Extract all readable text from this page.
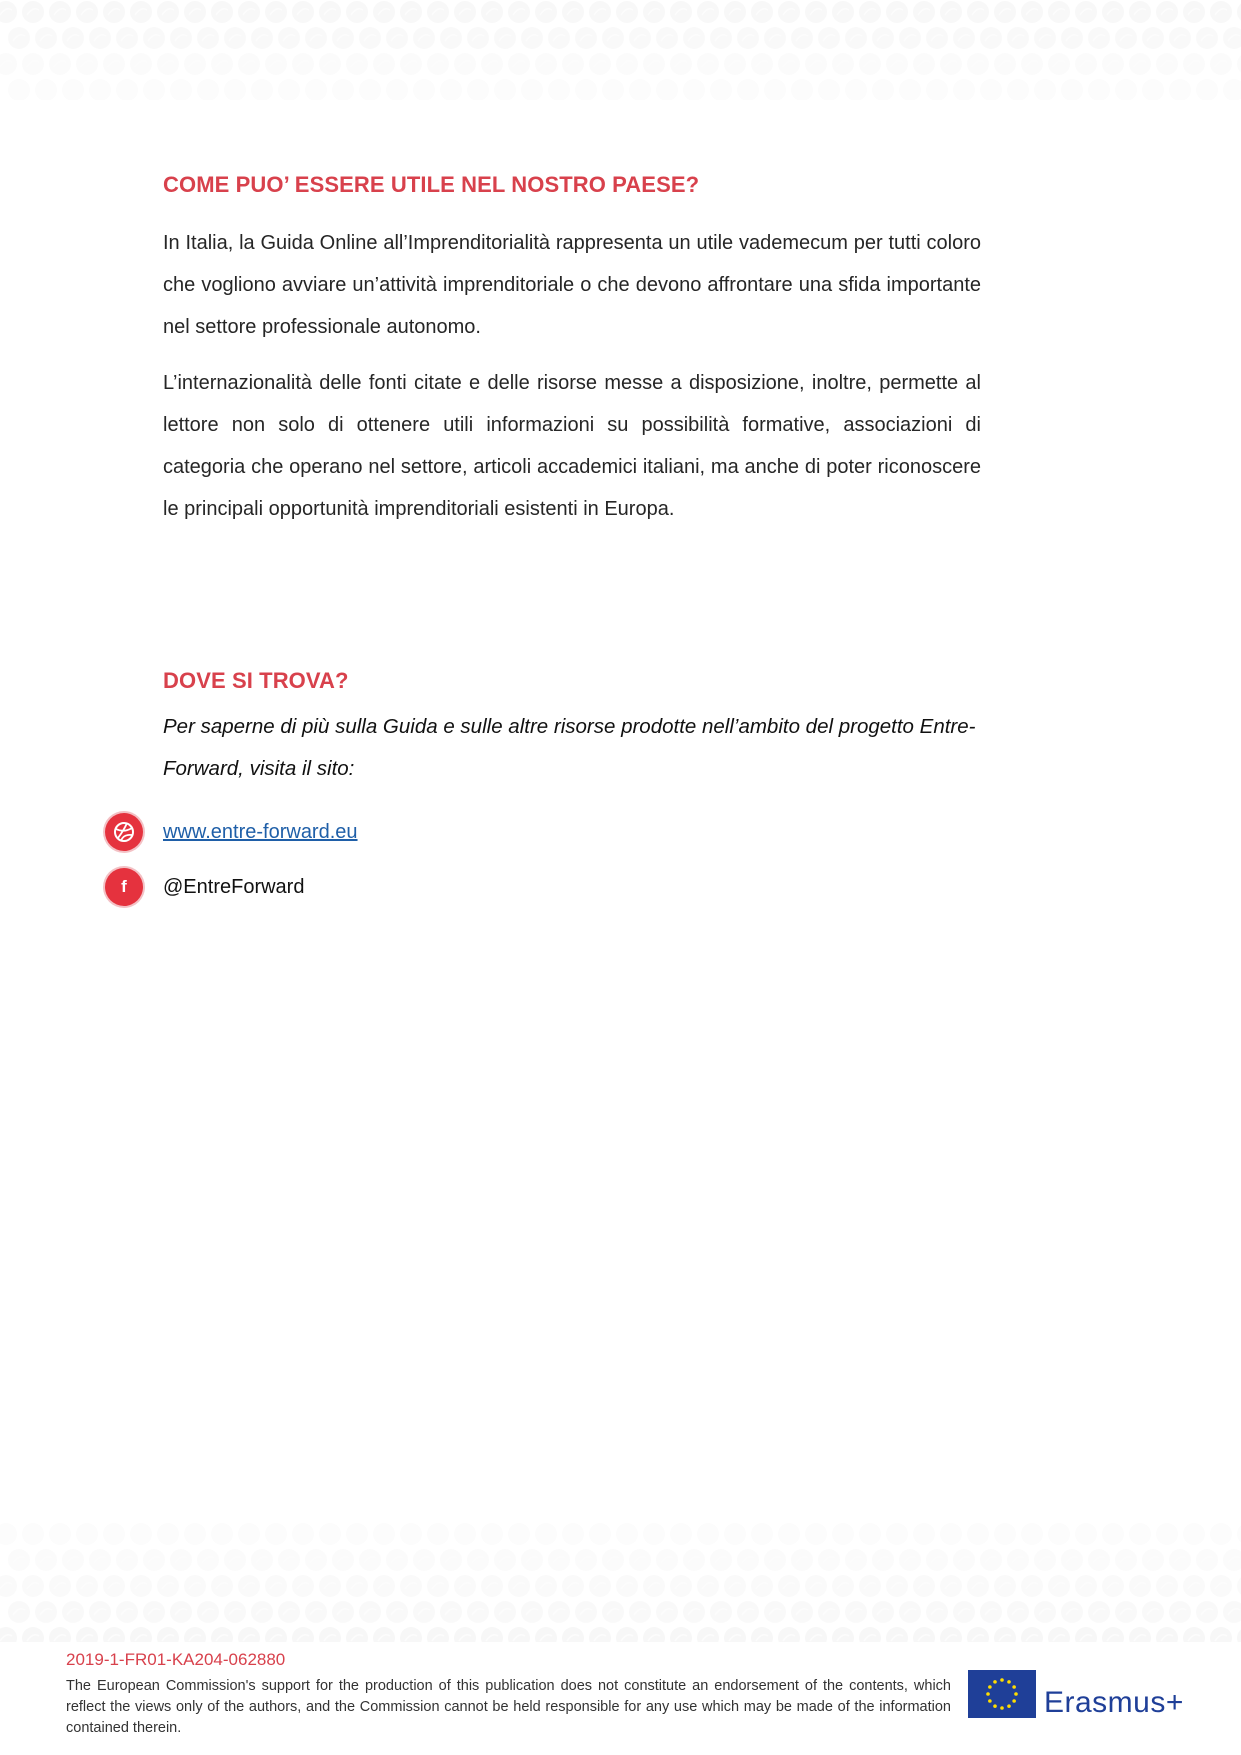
COME PUO’ ESSERE UTILE NEL NOSTRO PAESE?

In Italia, la Guida Online all’Imprenditorialità rappresenta un utile vademecum per tutti coloro che vogliono avviare un’attività imprenditoriale o che devono affrontare una sfida importante nel settore professionale autonomo.

L’internazionalità delle fonti citate e delle risorse messe a disposizione, inoltre, permette al lettore non solo di ottenere utili informazioni su possibilità formative, associazioni di categoria che operano nel settore, articoli accademici italiani, ma anche di poter riconoscere le principali opportunità imprenditoriali esistenti in Europa.

DOVE SI TROVA?

Per saperne di più sulla Guida e sulle altre risorse prodotte nell’ambito del progetto Entre-Forward, visita il sito:

www.entre-forward.eu
f @EntreForward
2019-1-FR01-KA204-062880
The European Commission's support for the production of this publication does not constitute an endorsement of the contents, which reflect the views only of the authors, and the Commission cannot be held responsible for any use which may be made of the information contained therein.
Erasmus+
